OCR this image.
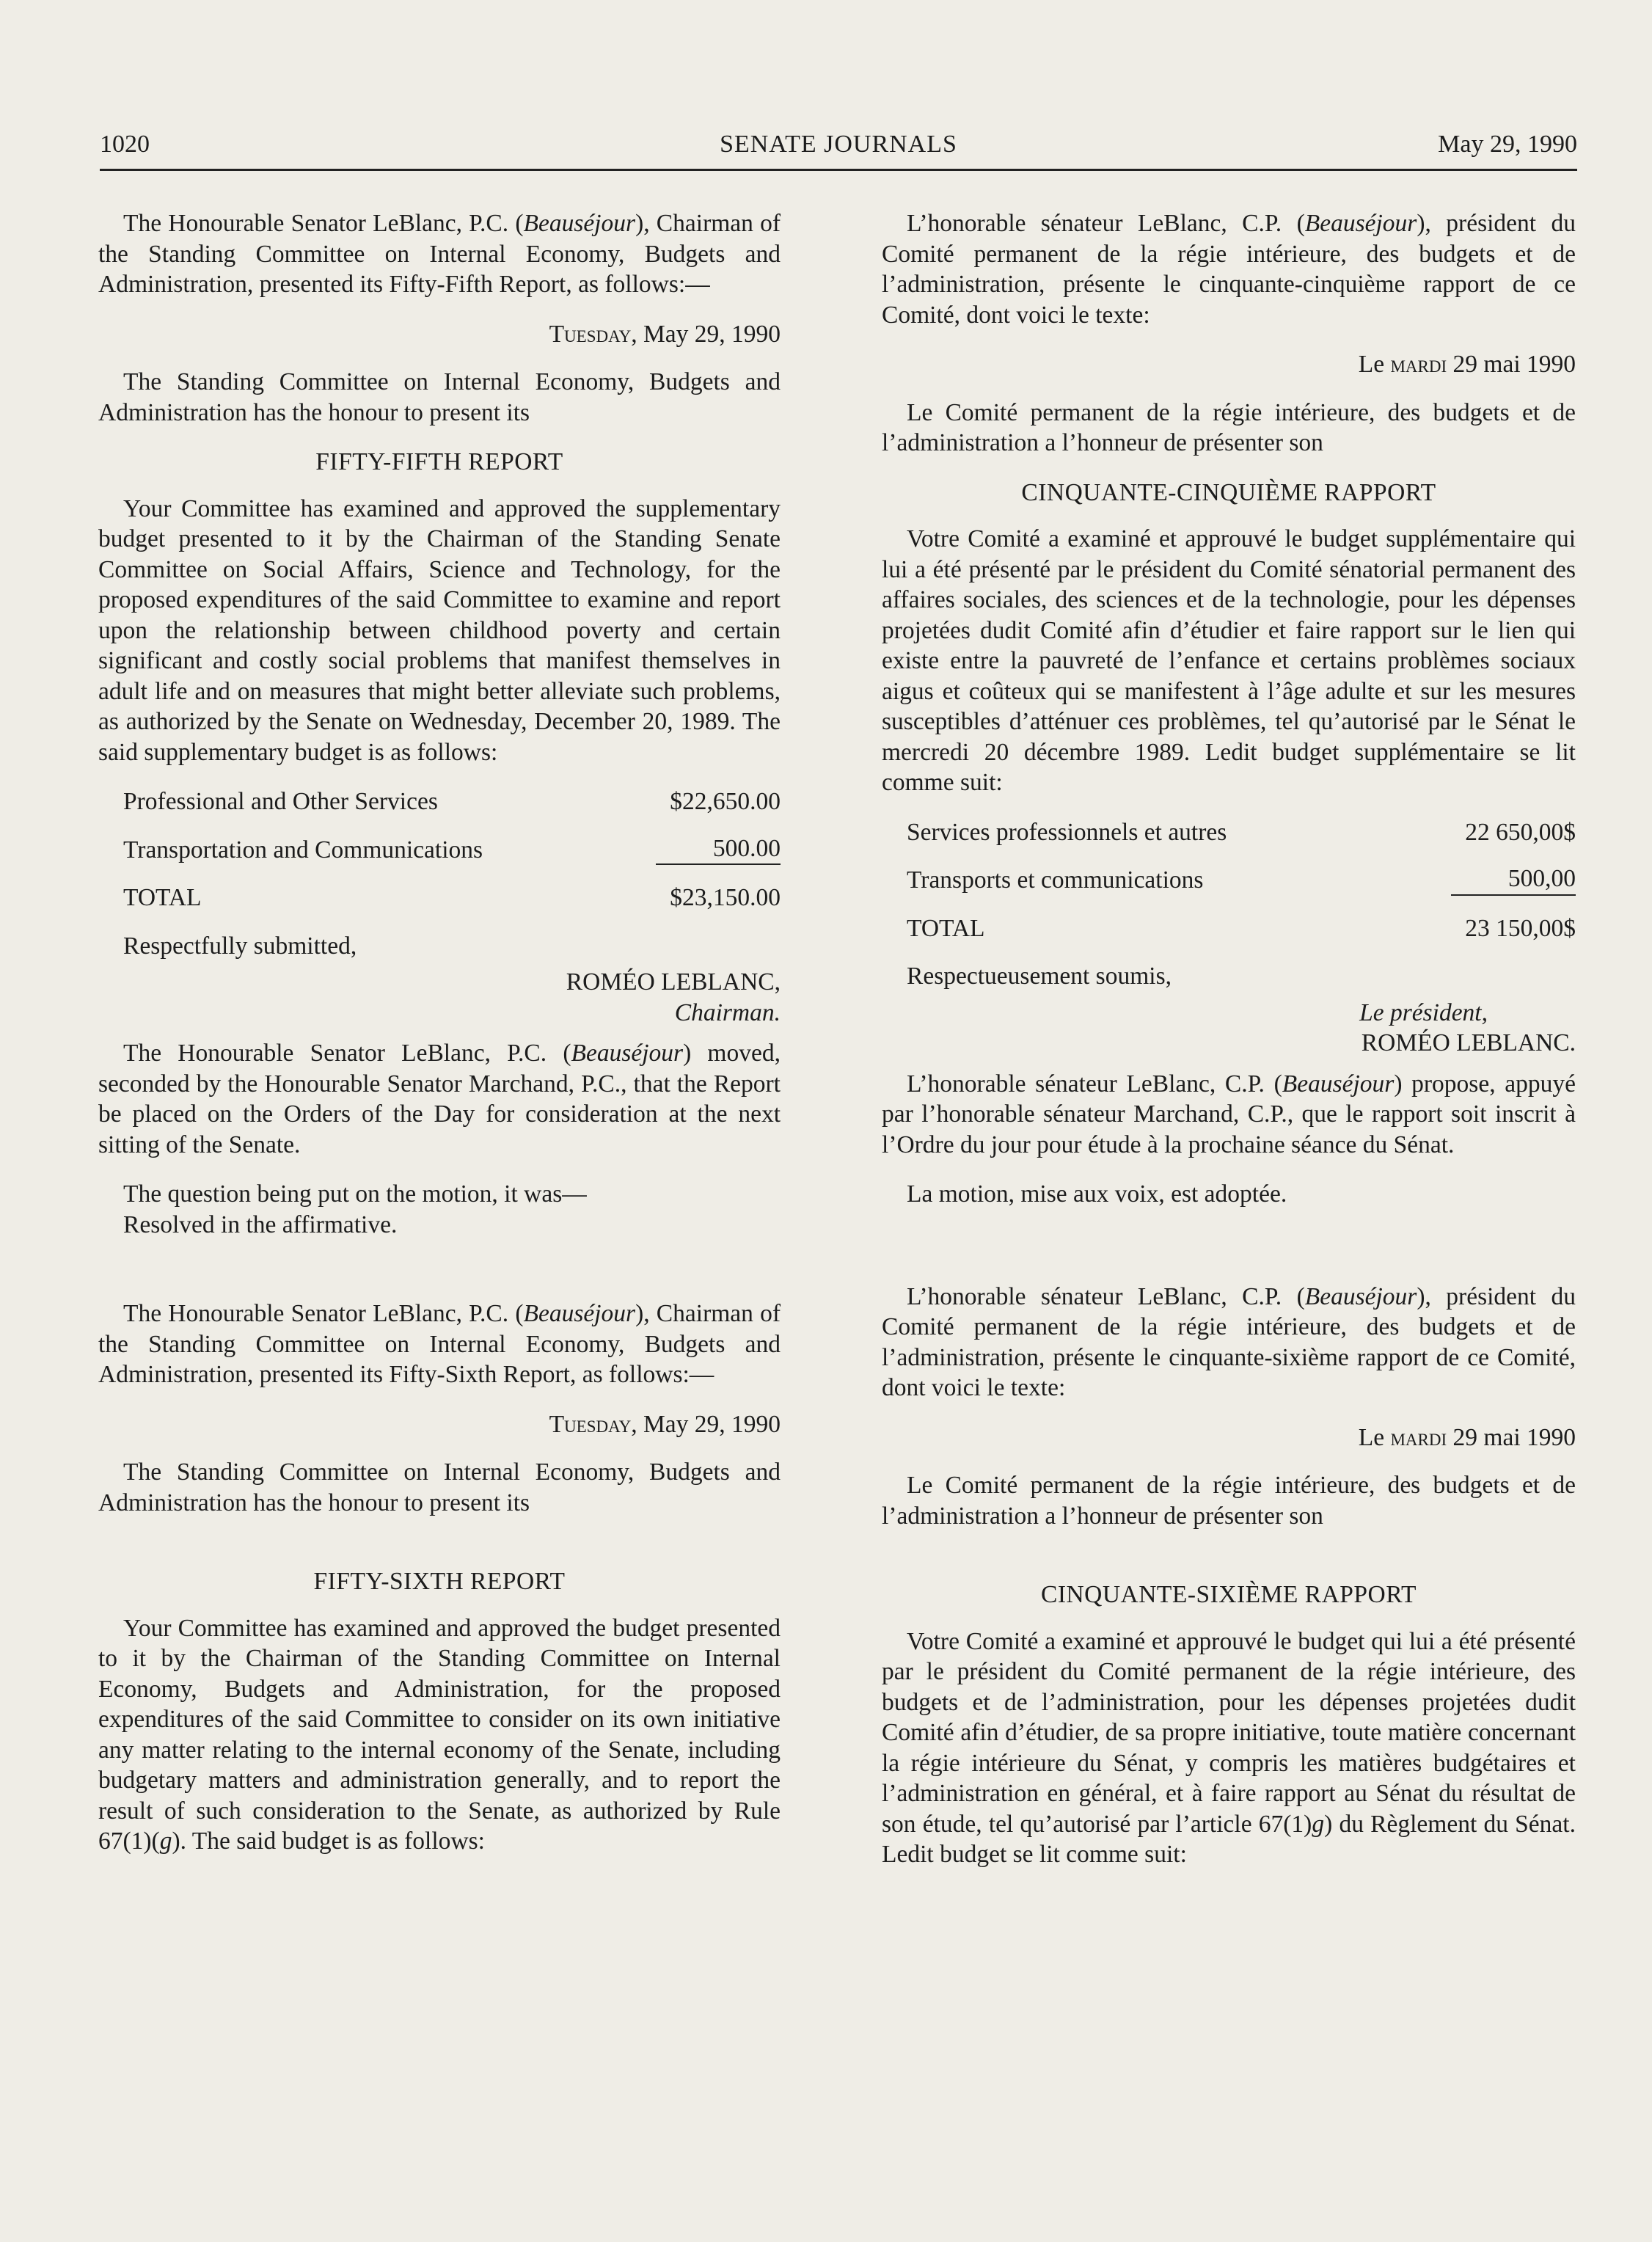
1020	SENATE JOURNALS	May 29, 1990

The Honourable Senator LeBlanc, P.C. (Beauséjour), Chairman of the Standing Committee on Internal Economy, Budgets and Administration, presented its Fifty-Fifth Report, as follows:—

Tuesday, May 29, 1990

The Standing Committee on Internal Economy, Budgets and Administration has the honour to present its

FIFTY-FIFTH REPORT

Your Committee has examined and approved the supplementary budget presented to it by the Chairman of the Standing Senate Committee on Social Affairs, Science and Technology, for the proposed expenditures of the said Committee to examine and report upon the relationship between childhood poverty and certain significant and costly social problems that manifest themselves in adult life and on measures that might better alleviate such problems, as authorized by the Senate on Wednesday, December 20, 1989. The said supplementary budget is as follows:

Professional and Other Services	$22,650.00
Transportation and Communications	500.00
TOTAL	$23,150.00
Respectfully submitted,
ROMÉO LEBLANC,
Chairman.

The Honourable Senator LeBlanc, P.C. (Beauséjour) moved, seconded by the Honourable Senator Marchand, P.C., that the Report be placed on the Orders of the Day for consideration at the next sitting of the Senate.

The question being put on the motion, it was—

Resolved in the affirmative.

The Honourable Senator LeBlanc, P.C. (Beauséjour), Chairman of the Standing Committee on Internal Economy, Budgets and Administration, presented its Fifty-Sixth Report, as follows:—

Tuesday, May 29, 1990

The Standing Committee on Internal Economy, Budgets and Administration has the honour to present its

FIFTY-SIXTH REPORT

Your Committee has examined and approved the budget presented to it by the Chairman of the Standing Committee on Internal Economy, Budgets and Administration, for the proposed expenditures of the said Committee to consider on its own initiative any matter relating to the internal economy of the Senate, including budgetary matters and administration generally, and to report the result of such consideration to the Senate, as authorized by Rule 67(1)(g). The said budget is as follows:

L’honorable sénateur LeBlanc, C.P. (Beauséjour), président du Comité permanent de la régie intérieure, des budgets et de l’administration, présente le cinquante-cinquième rapport de ce Comité, dont voici le texte:

Le mardi 29 mai 1990

Le Comité permanent de la régie intérieure, des budgets et de l’administration a l’honneur de présenter son

CINQUANTE-CINQUIÈME RAPPORT

Votre Comité a examiné et approuvé le budget supplémentaire qui lui a été présenté par le président du Comité sénatorial permanent des affaires sociales, des sciences et de la technologie, pour les dépenses projetées dudit Comité afin d’étudier et faire rapport sur le lien qui existe entre la pauvreté de l’enfance et certains problèmes sociaux aigus et coûteux qui se manifestent à l’âge adulte et sur les mesures susceptibles d’atténuer ces problèmes, tel qu’autorisé par le Sénat le mercredi 20 décembre 1989. Ledit budget supplémentaire se lit comme suit:

Services professionnels et autres	22 650,00$
Transports et communications	500,00
TOTAL	23 150,00$
Respectueusement soumis,
Le président,
ROMÉO LEBLANC.

L’honorable sénateur LeBlanc, C.P. (Beauséjour) propose, appuyé par l’honorable sénateur Marchand, C.P., que le rapport soit inscrit à l’Ordre du jour pour étude à la prochaine séance du Sénat.

La motion, mise aux voix, est adoptée.

L’honorable sénateur LeBlanc, C.P. (Beauséjour), président du Comité permanent de la régie intérieure, des budgets et de l’administration, présente le cinquante-sixième rapport de ce Comité, dont voici le texte:

Le mardi 29 mai 1990

Le Comité permanent de la régie intérieure, des budgets et de l’administration a l’honneur de présenter son

CINQUANTE-SIXIÈME RAPPORT

Votre Comité a examiné et approuvé le budget qui lui a été présenté par le président du Comité permanent de la régie intérieure, des budgets et de l’administration, pour les dépenses projetées dudit Comité afin d’étudier, de sa propre initiative, toute matière concernant la régie intérieure du Sénat, y compris les matières budgétaires et l’administration en général, et à faire rapport au Sénat du résultat de son étude, tel qu’autorisé par l’article 67(1)g) du Règlement du Sénat. Ledit budget se lit comme suit:
